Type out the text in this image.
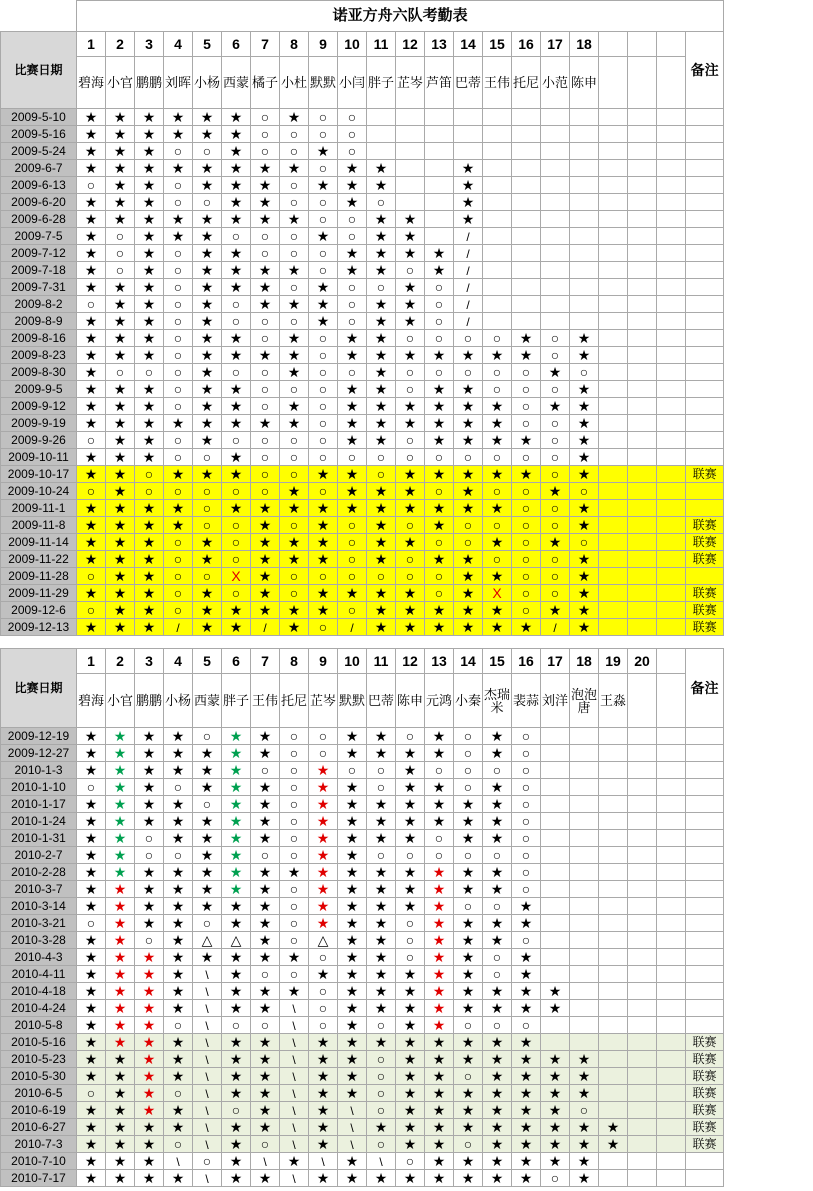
	诺亚方舟六队考勤表																					
比赛日期	1	2	3	4	5	6	7	8	9	10	11	12	13	14	15	16	17	18				备注
	碧海	小官	鹏鹏	刘晖	小杨	西蒙	橘子	小杜	默默	小闫	胖子	芷岑	芦笛	巴蒂	王伟	托尼	小范	陈申				
2009-5-10	★	★	★	★	★	★	○	★	○	○												
2009-5-16	★	★	★	★	★	★	○	○	○	○												
2009-5-24	★	★	★	○	○	★	○	○	★	○												
2009-6-7	★	★	★	★	★	★	★	★	○	★	★			★								
2009-6-13	○	★	★	○	★	★	★	○	★	★	★			★								
2009-6-20	★	★	★	○	○	★	★	○	○	★	○			★								
2009-6-28	★	★	★	★	★	★	★	★	○	○	★	★		★								
2009-7-5	★	○	★	★	★	○	○	○	★	○	★	★		/								
2009-7-12	★	○	★	○	★	★	○	○	○	★	★	★	★	/								
2009-7-18	★	○	★	○	★	★	★	★	○	★	★	○	★	/								
2009-7-31	★	★	★	○	★	★	★	○	★	○	○	★	○	/								
2009-8-2	○	★	★	○	★	○	★	★	★	○	★	★	○	/								
2009-8-9	★	★	★	○	★	○	○	○	★	○	★	★	○	/								
2009-8-16	★	★	★	○	★	★	○	★	○	★	★	○	○	○	○	★	○	★				
2009-8-23	★	★	★	○	★	★	★	★	○	★	★	★	★	★	★	★	○	★				
2009-8-30	★	○	○	○	★	○	○	★	○	○	★	○	○	○	○	○	★	○				
2009-9-5	★	★	★	○	★	★	○	○	○	★	★	○	★	★	○	○	○	★				
2009-9-12	★	★	★	○	★	★	○	★	○	★	★	★	★	★	★	○	★	★				
2009-9-19	★	★	★	★	★	★	★	★	○	★	★	★	★	★	★	○	○	★				
2009-9-26	○	★	★	○	★	○	○	○	○	★	★	○	★	★	★	★	○	★				
2009-10-11	★	★	★	○	○	★	○	○	○	○	○	○	○	○	○	○	○	★				
2009-10-17	★	★	○	★	★	★	○	○	★	★	○	★	★	★	★	★	○	★				联赛
2009-10-24	○	★	○	○	○	○	○	★	○	★	★	★	○	★	○	○	★	○				
2009-11-1	★	★	★	★	○	★	★	★	★	★	★	★	★	★	★	○	○	★				
2009-11-8	★	★	★	★	○	○	★	○	★	○	★	○	★	○	○	○	○	★				联赛
2009-11-14	★	★	★	○	★	○	★	★	★	○	★	★	○	○	★	○	★	○				联赛
2009-11-22	★	★	★	○	★	○	★	★	★	○	★	○	★	★	○	○	○	★				联赛
2009-11-28	○	★	★	○	○	X	★	○	○	○	○	○	○	★	★	○	○	★				
2009-11-29	★	★	★	○	★	○	★	○	★	★	★	★	○	★	X	○	○	★				联赛
2009-12-6	○	★	★	○	★	★	★	★	★	○	★	★	★	★	★	○	★	★				联赛
2009-12-13	★	★	★	/	★	★	/	★	○	/	★	★	★	★	★	★	/	★				联赛
比赛日期	1	2	3	4	5	6	7	8	9	10	11	12	13	14	15	16	17	18	19	20		备注
	碧海	小官	鹏鹏	小杨	西蒙	胖子	王伟	托尼	芷岑	默默	巴蒂	陈申	元鸿	小秦	杰瑞米	裴蒜	刘洋	泡泡唐	王淼			
2009-12-19	★	★	★	★	○	★	★	○	○	★	★	○	★	○	★	○						
2009-12-27	★	★	★	★	★	★	★	○	○	★	★	★	★	○	★	○						
2010-1-3	★	★	★	★	★	★	○	○	★	○	○	★	○	○	○	○						
2010-1-10	○	★	★	○	★	★	★	○	★	★	○	★	★	○	★	○						
2010-1-17	★	★	★	★	○	★	★	○	★	★	★	★	★	★	★	○						
2010-1-24	★	★	★	★	★	★	★	○	★	★	★	★	★	★	★	○						
2010-1-31	★	★	○	★	★	★	★	○	★	★	★	★	○	★	★	○						
2010-2-7	★	★	○	○	★	★	○	○	★	★	○	○	○	○	○	○						
2010-2-28	★	★	★	★	★	★	★	★	★	★	★	★	★	★	★	○						
2010-3-7	★	★	★	★	★	★	★	○	★	★	★	★	★	★	★	○						
2010-3-14	★	★	★	★	★	★	★	○	★	★	★	★	★	○	○	★						
2010-3-21	○	★	★	★	○	★	★	○	★	★	★	○	★	★	★	★						
2010-3-28	★	★	○	★	△	△	★	○	△	★	★	○	★	★	★	○						
2010-4-3	★	★	★	★	★	★	★	★	○	★	★	○	★	★	○	★						
2010-4-11	★	★	★	★	\	★	○	○	★	★	★	★	★	★	○	★						
2010-4-18	★	★	★	★	\	★	★	★	○	★	★	★	★	★	★	★	★					
2010-4-24	★	★	★	★	\	★	★	\	○	★	★	★	★	★	★	★	★					
2010-5-8	★	★	★	○	\	○	○	\	○	★	○	★	★	○	○	○						
2010-5-16	★	★	★	★	\	★	★	\	★	★	★	★	★	★	★	★						联赛
2010-5-23	★	★	★	★	\	★	★	\	★	★	○	★	★	★	★	★	★	★				联赛
2010-5-30	★	★	★	★	\	★	★	\	★	★	○	★	★	○	★	★	★	★				联赛
2010-6-5	○	★	★	○	\	★	★	\	★	★	○	★	★	★	★	★	★	★				联赛
2010-6-19	★	★	★	★	\	○	★	\	★	\	○	★	★	★	★	★	★	○				联赛
2010-6-27	★	★	★	★	\	★	★	\	★	\	★	★	★	★	★	★	★	★	★			联赛
2010-7-3	★	★	★	○	\	★	○	\	★	\	○	★	★	○	★	★	★	★	★			联赛
2010-7-10	★	★	★	\	○	★	\	★	\	★	\	○	★	★	★	★	★	★				
2010-7-17	★	★	★	★	\	★	★	\	★	★	★	★	★	★	★	★	○	★				
